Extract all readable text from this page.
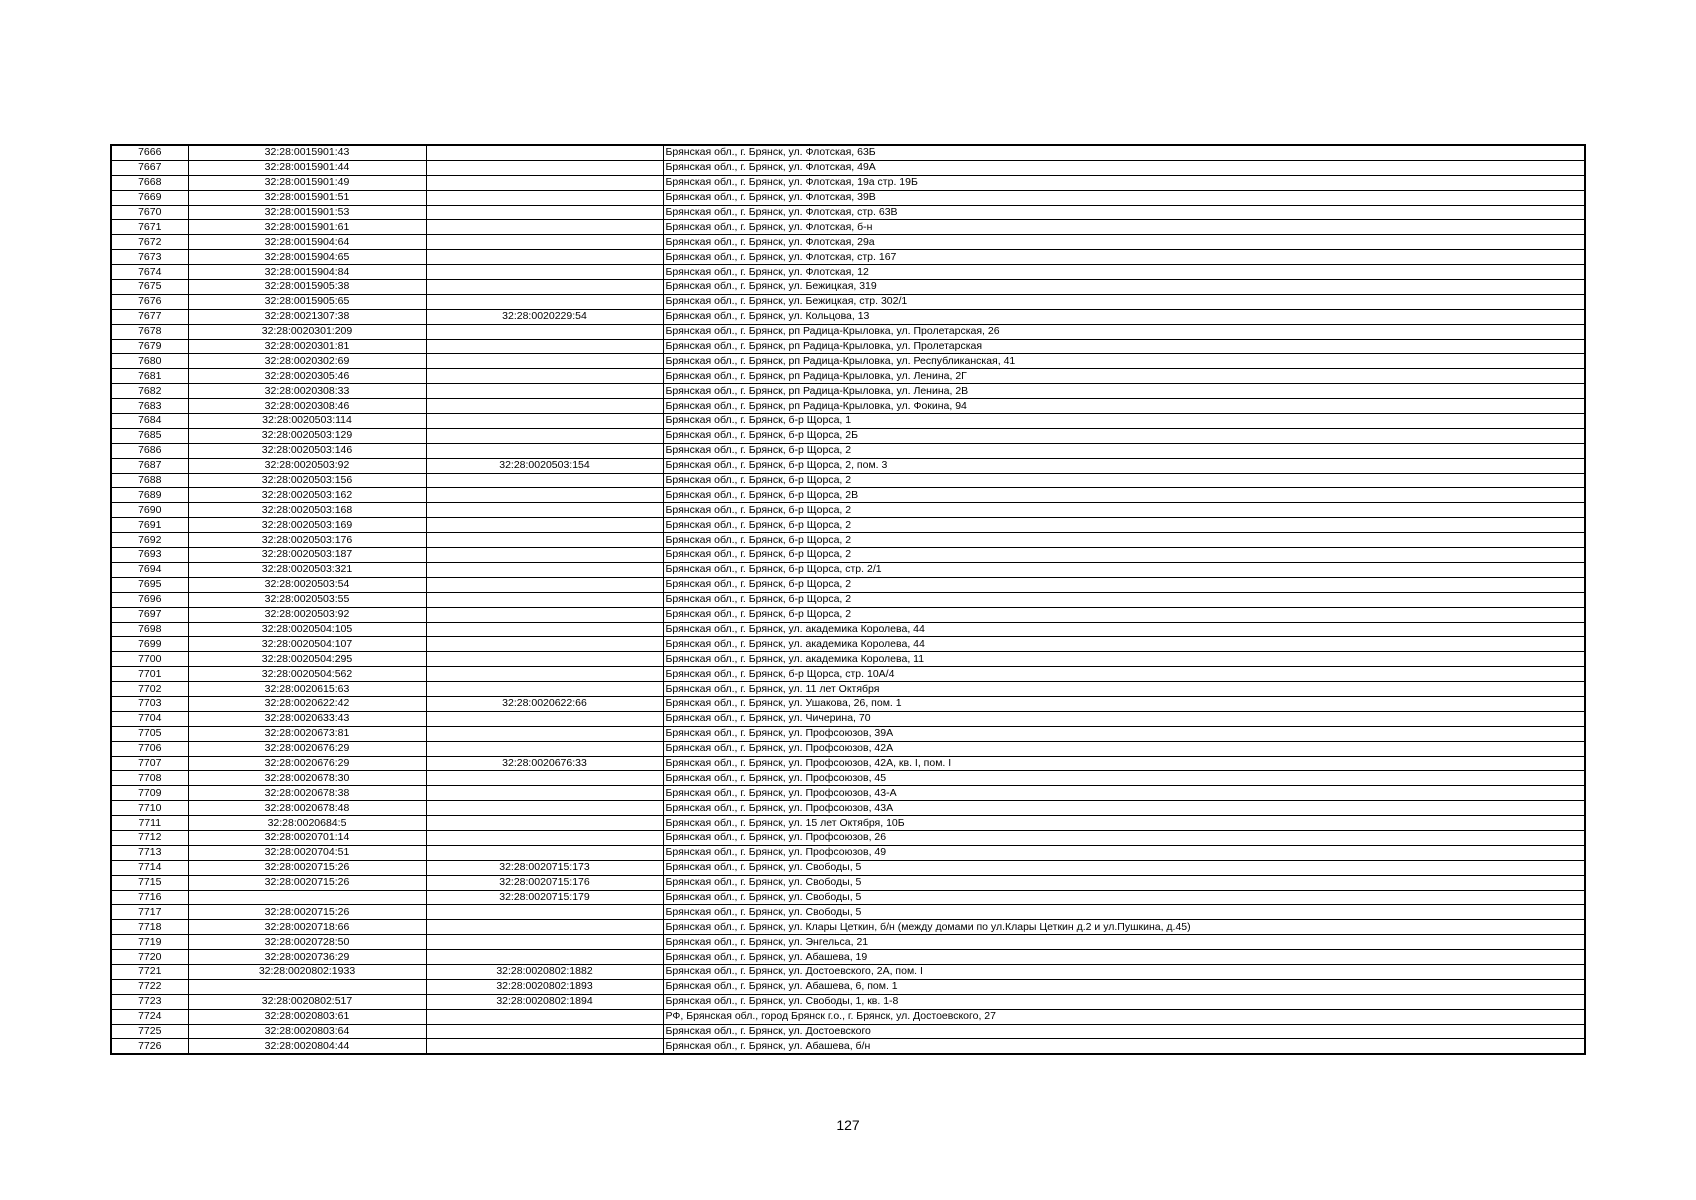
7666	32:28:0015901:43		Брянская обл., г. Брянск, ул. Флотская, 63Б
7667	32:28:0015901:44		Брянская обл., г. Брянск, ул. Флотская, 49А
7668	32:28:0015901:49		Брянская обл., г. Брянск, ул. Флотская, 19а стр. 19Б
7669	32:28:0015901:51		Брянская обл., г. Брянск, ул. Флотская, 39В
7670	32:28:0015901:53		Брянская обл., г. Брянск, ул. Флотская, стр. 63В
7671	32:28:0015901:61		Брянская обл., г. Брянск, ул. Флотская, б-н
7672	32:28:0015904:64		Брянская обл., г. Брянск, ул. Флотская, 29а
7673	32:28:0015904:65		Брянская обл., г. Брянск, ул. Флотская, стр. 167
7674	32:28:0015904:84		Брянская обл., г. Брянск, ул. Флотская, 12
7675	32:28:0015905:38		Брянская обл., г. Брянск, ул. Бежицкая, 319
7676	32:28:0015905:65		Брянская обл., г. Брянск, ул. Бежицкая, стр. 302/1
7677	32:28:0021307:38	32:28:0020229:54	Брянская обл., г. Брянск, ул. Кольцова, 13
7678	32:28:0020301:209		Брянская обл., г. Брянск, рп Радица-Крыловка, ул. Пролетарская, 26
7679	32:28:0020301:81		Брянская обл., г. Брянск, рп Радица-Крыловка, ул. Пролетарская
7680	32:28:0020302:69		Брянская обл., г. Брянск, рп Радица-Крыловка, ул. Республиканская, 41
7681	32:28:0020305:46		Брянская обл., г. Брянск, рп Радица-Крыловка, ул. Ленина, 2Г
7682	32:28:0020308:33		Брянская обл., г. Брянск, рп Радица-Крыловка, ул. Ленина, 2В
7683	32:28:0020308:46		Брянская обл., г. Брянск, рп Радица-Крыловка, ул. Фокина, 94
7684	32:28:0020503:114		Брянская обл., г. Брянск, б-р Щорса, 1
7685	32:28:0020503:129		Брянская обл., г. Брянск, б-р Щорса, 2Б
7686	32:28:0020503:146		Брянская обл., г. Брянск, б-р Щорса, 2
7687	32:28:0020503:92	32:28:0020503:154	Брянская обл., г. Брянск, б-р Щорса, 2, пом. 3
7688	32:28:0020503:156		Брянская обл., г. Брянск, б-р Щорса, 2
7689	32:28:0020503:162		Брянская обл., г. Брянск, б-р Щорса, 2В
7690	32:28:0020503:168		Брянская обл., г. Брянск, б-р Щорса, 2
7691	32:28:0020503:169		Брянская обл., г. Брянск, б-р Щорса, 2
7692	32:28:0020503:176		Брянская обл., г. Брянск, б-р Щорса, 2
7693	32:28:0020503:187		Брянская обл., г. Брянск, б-р Щорса, 2
7694	32:28:0020503:321		Брянская обл., г. Брянск, б-р Щорса, стр. 2/1
7695	32:28:0020503:54		Брянская обл., г. Брянск, б-р Щорса, 2
7696	32:28:0020503:55		Брянская обл., г. Брянск, б-р Щорса, 2
7697	32:28:0020503:92		Брянская обл., г. Брянск, б-р Щорса, 2
7698	32:28:0020504:105		Брянская обл., г. Брянск, ул. академика Королева, 44
7699	32:28:0020504:107		Брянская обл., г. Брянск, ул. академика Королева, 44
7700	32:28:0020504:295		Брянская обл., г. Брянск, ул. академика Королева, 11
7701	32:28:0020504:562		Брянская обл., г. Брянск, б-р Щорса, стр. 10А/4
7702	32:28:0020615:63		Брянская обл., г. Брянск, ул. 11 лет Октября
7703	32:28:0020622:42	32:28:0020622:66	Брянская обл., г. Брянск, ул. Ушакова, 26, пом. 1
7704	32:28:0020633:43		Брянская обл., г. Брянск, ул. Чичерина, 70
7705	32:28:0020673:81		Брянская обл., г. Брянск, ул. Профсоюзов, 39А
7706	32:28:0020676:29		Брянская обл., г. Брянск, ул. Профсоюзов, 42А
7707	32:28:0020676:29	32:28:0020676:33	Брянская обл., г. Брянск, ул. Профсоюзов, 42А, кв. I, пом. I
7708	32:28:0020678:30		Брянская обл., г. Брянск, ул. Профсоюзов, 45
7709	32:28:0020678:38		Брянская обл., г. Брянск, ул. Профсоюзов, 43-А
7710	32:28:0020678:48		Брянская обл., г. Брянск, ул. Профсоюзов, 43А
7711	32:28:0020684:5		Брянская обл., г. Брянск, ул. 15 лет Октября, 10Б
7712	32:28:0020701:14		Брянская обл., г. Брянск, ул. Профсоюзов, 26
7713	32:28:0020704:51		Брянская обл., г. Брянск, ул. Профсоюзов, 49
7714	32:28:0020715:26	32:28:0020715:173	Брянская обл., г. Брянск, ул. Свободы, 5
7715	32:28:0020715:26	32:28:0020715:176	Брянская обл., г. Брянск, ул. Свободы, 5
7716		32:28:0020715:179	Брянская обл., г. Брянск, ул. Свободы, 5
7717	32:28:0020715:26		Брянская обл., г. Брянск, ул. Свободы, 5
7718	32:28:0020718:66		Брянская обл., г. Брянск, ул. Клары Цеткин, б/н (между домами по ул.Клары Цеткин д.2 и ул.Пушкина, д.45)
7719	32:28:0020728:50		Брянская обл., г. Брянск, ул. Энгельса, 21
7720	32:28:0020736:29		Брянская обл., г. Брянск, ул. Абашева, 19
7721	32:28:0020802:1933	32:28:0020802:1882	Брянская обл., г. Брянск, ул. Достоевского, 2А, пом. I
7722		32:28:0020802:1893	Брянская обл., г. Брянск, ул. Абашева, 6, пом. 1
7723	32:28:0020802:517	32:28:0020802:1894	Брянская обл., г. Брянск, ул. Свободы, 1, кв. 1-8
7724	32:28:0020803:61		РФ, Брянская обл., город Брянск г.о., г. Брянск, ул. Достоевского, 27
7725	32:28:0020803:64		Брянская обл., г. Брянск, ул. Достоевского
7726	32:28:0020804:44		Брянская обл., г. Брянск, ул. Абашева, б/н
127
